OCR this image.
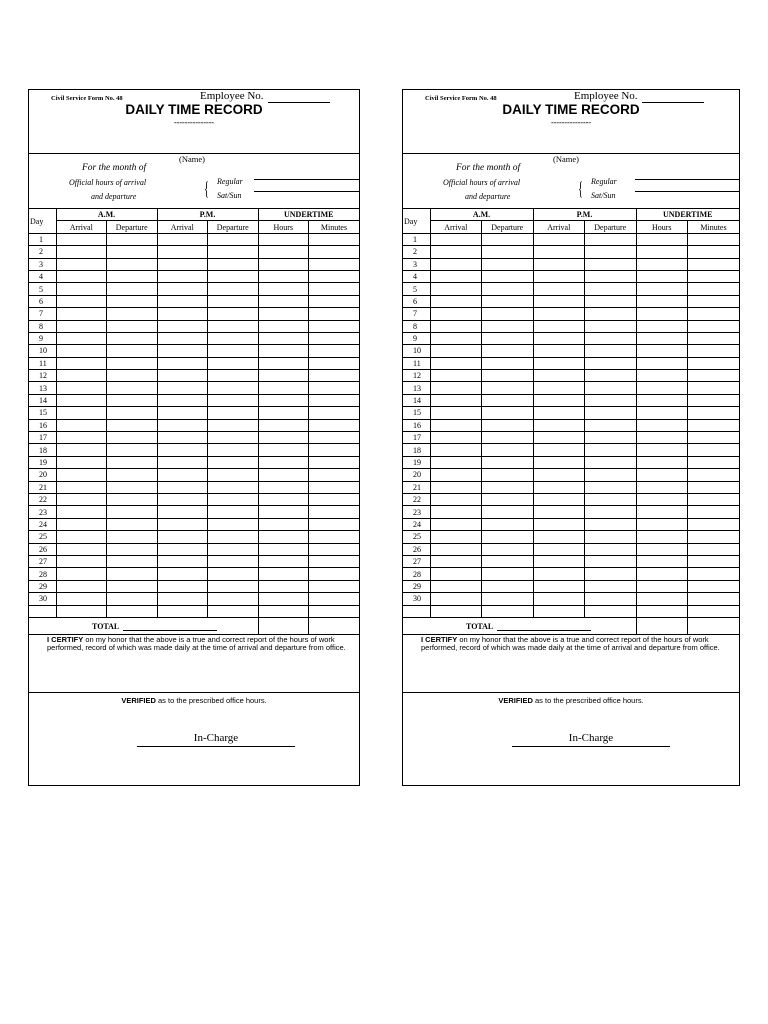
Civil Service Form No. 48	Employee No.
DAILY TIME RECORD
---------------
(Name)
For the month of
Official hours of arrival
and departure	{ Regular
Sat/Sun
Day	A.M.		P.M.		UNDERTIME	
	Arrival	Departure	Arrival	Departure	Hours	Minutes
1						
2						
3						
4						
5						
6						
7						
8						
9						
10						
11						
12						
13						
14						
15						
16						
17						
18						
19						
20						
21						
22						
23						
24						
25						
26						
27						
28						
29						
30						

TOTAL						
I CERTIFY on my honor that the above is a true and correct report of the hours of work performed, record of which was made daily at the time of arrival and departure from office.
VERIFIED as to the prescribed office hours.
In-Charge
Civil Service Form No. 48	Employee No.
DAILY TIME RECORD
---------------
(Name)
For the month of
Official hours of arrival
and departure	{ Regular
Sat/Sun
Day	A.M.		P.M.		UNDERTIME	
	Arrival	Departure	Arrival	Departure	Hours	Minutes
1						
2						
3						
4						
5						
6						
7						
8						
9						
10						
11						
12						
13						
14						
15						
16						
17						
18						
19						
20						
21						
22						
23						
24						
25						
26						
27						
28						
29						
30						

TOTAL						
I CERTIFY on my honor that the above is a true and correct report of the hours of work performed, record of which was made daily at the time of arrival and departure from office.
VERIFIED as to the prescribed office hours.
In-Charge
